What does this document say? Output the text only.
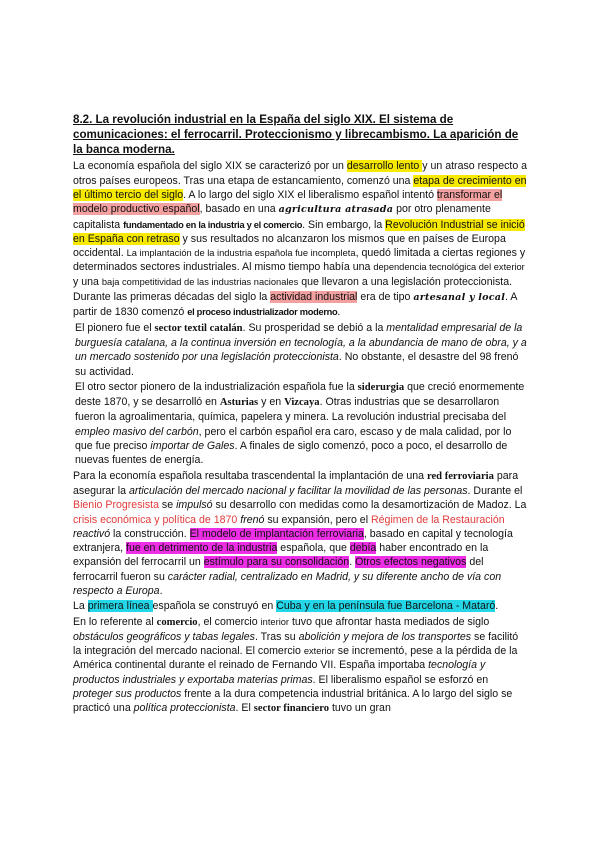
8.2. La revolución industrial en la España del siglo XIX. El sistema de comunicaciones: el ferrocarril. Proteccionismo y librecambismo. La aparición de la banca moderna.

La economía española del siglo XIX se caracterizó por un desarrollo lento y un atraso respecto a otros países europeos. Tras una etapa de estancamiento, comenzó una etapa de crecimiento en el último tercio del siglo. A lo largo del siglo XIX el liberalismo español intentó transformar el modelo productivo español, basado en una agricultura atrasada por otro plenamente capitalista fundamentado en la industria y el comercio. Sin embargo, la Revolución Industrial se inició en España con retraso y sus resultados no alcanzaron los mismos que en países de Europa occidental. La implantación de la industria española fue incompleta, quedó limitada a ciertas regiones y determinados sectores industriales. Al mismo tiempo había una dependencia tecnológica del exterior y una baja competitividad de las industrias nacionales que llevaron a una legislación proteccionista.

Durante las primeras décadas del siglo la actividad industrial era de tipo artesanal y local. A partir de 1830 comenzó el proceso industrializador moderno.

El pionero fue el sector textil catalán. Su prosperidad se debió a la mentalidad empresarial de la burguesía catalana, a la continua inversión en tecnología, a la abundancia de mano de obra, y a un mercado sostenido por una legislación proteccionista. No obstante, el desastre del 98 frenó su actividad.

El otro sector pionero de la industrialización española fue la siderurgia que creció enormemente deste 1870, y se desarrolló en Asturias y en Vizcaya. Otras industrias que se desarrollaron fueron la agroalimentaria, química, papelera y minera. La revolución industrial precisaba del empleo masivo del carbón, pero el carbón español era caro, escaso y de mala calidad, por lo que fue preciso importar de Gales. A finales de siglo comenzó, poco a poco, el desarrollo de nuevas fuentes de energía.

Para la economía española resultaba trascendental la implantación de una red ferroviaria para asegurar la articulación del mercado nacional y facilitar la movilidad de las personas. Durante el Bienio Progresista se impulsó su desarrollo con medidas como la desamortización de Madoz. La crisis económica y política de 1870 frenó su expansión, pero el Régimen de la Restauración reactivó la construcción. El modelo de implantación ferroviaria, basado en capital y tecnología extranjera, fue en detrimento de la industria española, que debía haber encontrado en la expansión del ferrocarril un estímulo para su consolidación. Otros efectos negativos del ferrocarril fueron su carácter radial, centralizado en Madrid, y su diferente ancho de vía con respecto a Europa.

La primera línea española se construyó en Cuba y en la península fue Barcelona - Mataró.

En lo referente al comercio, el comercio interior tuvo que afrontar hasta mediados de siglo obstáculos geográficos y tabas legales. Tras su abolición y mejora de los transportes se facilitó la integración del mercado nacional. El comercio exterior se incrementó, pese a la pérdida de la América continental durante el reinado de Fernando VII. España importaba tecnología y productos industriales y exportaba materias primas. El liberalismo español se esforzó en proteger sus productos frente a la dura competencia industrial británica. A lo largo del siglo se practicó una política proteccionista. El sector financiero tuvo un gran
